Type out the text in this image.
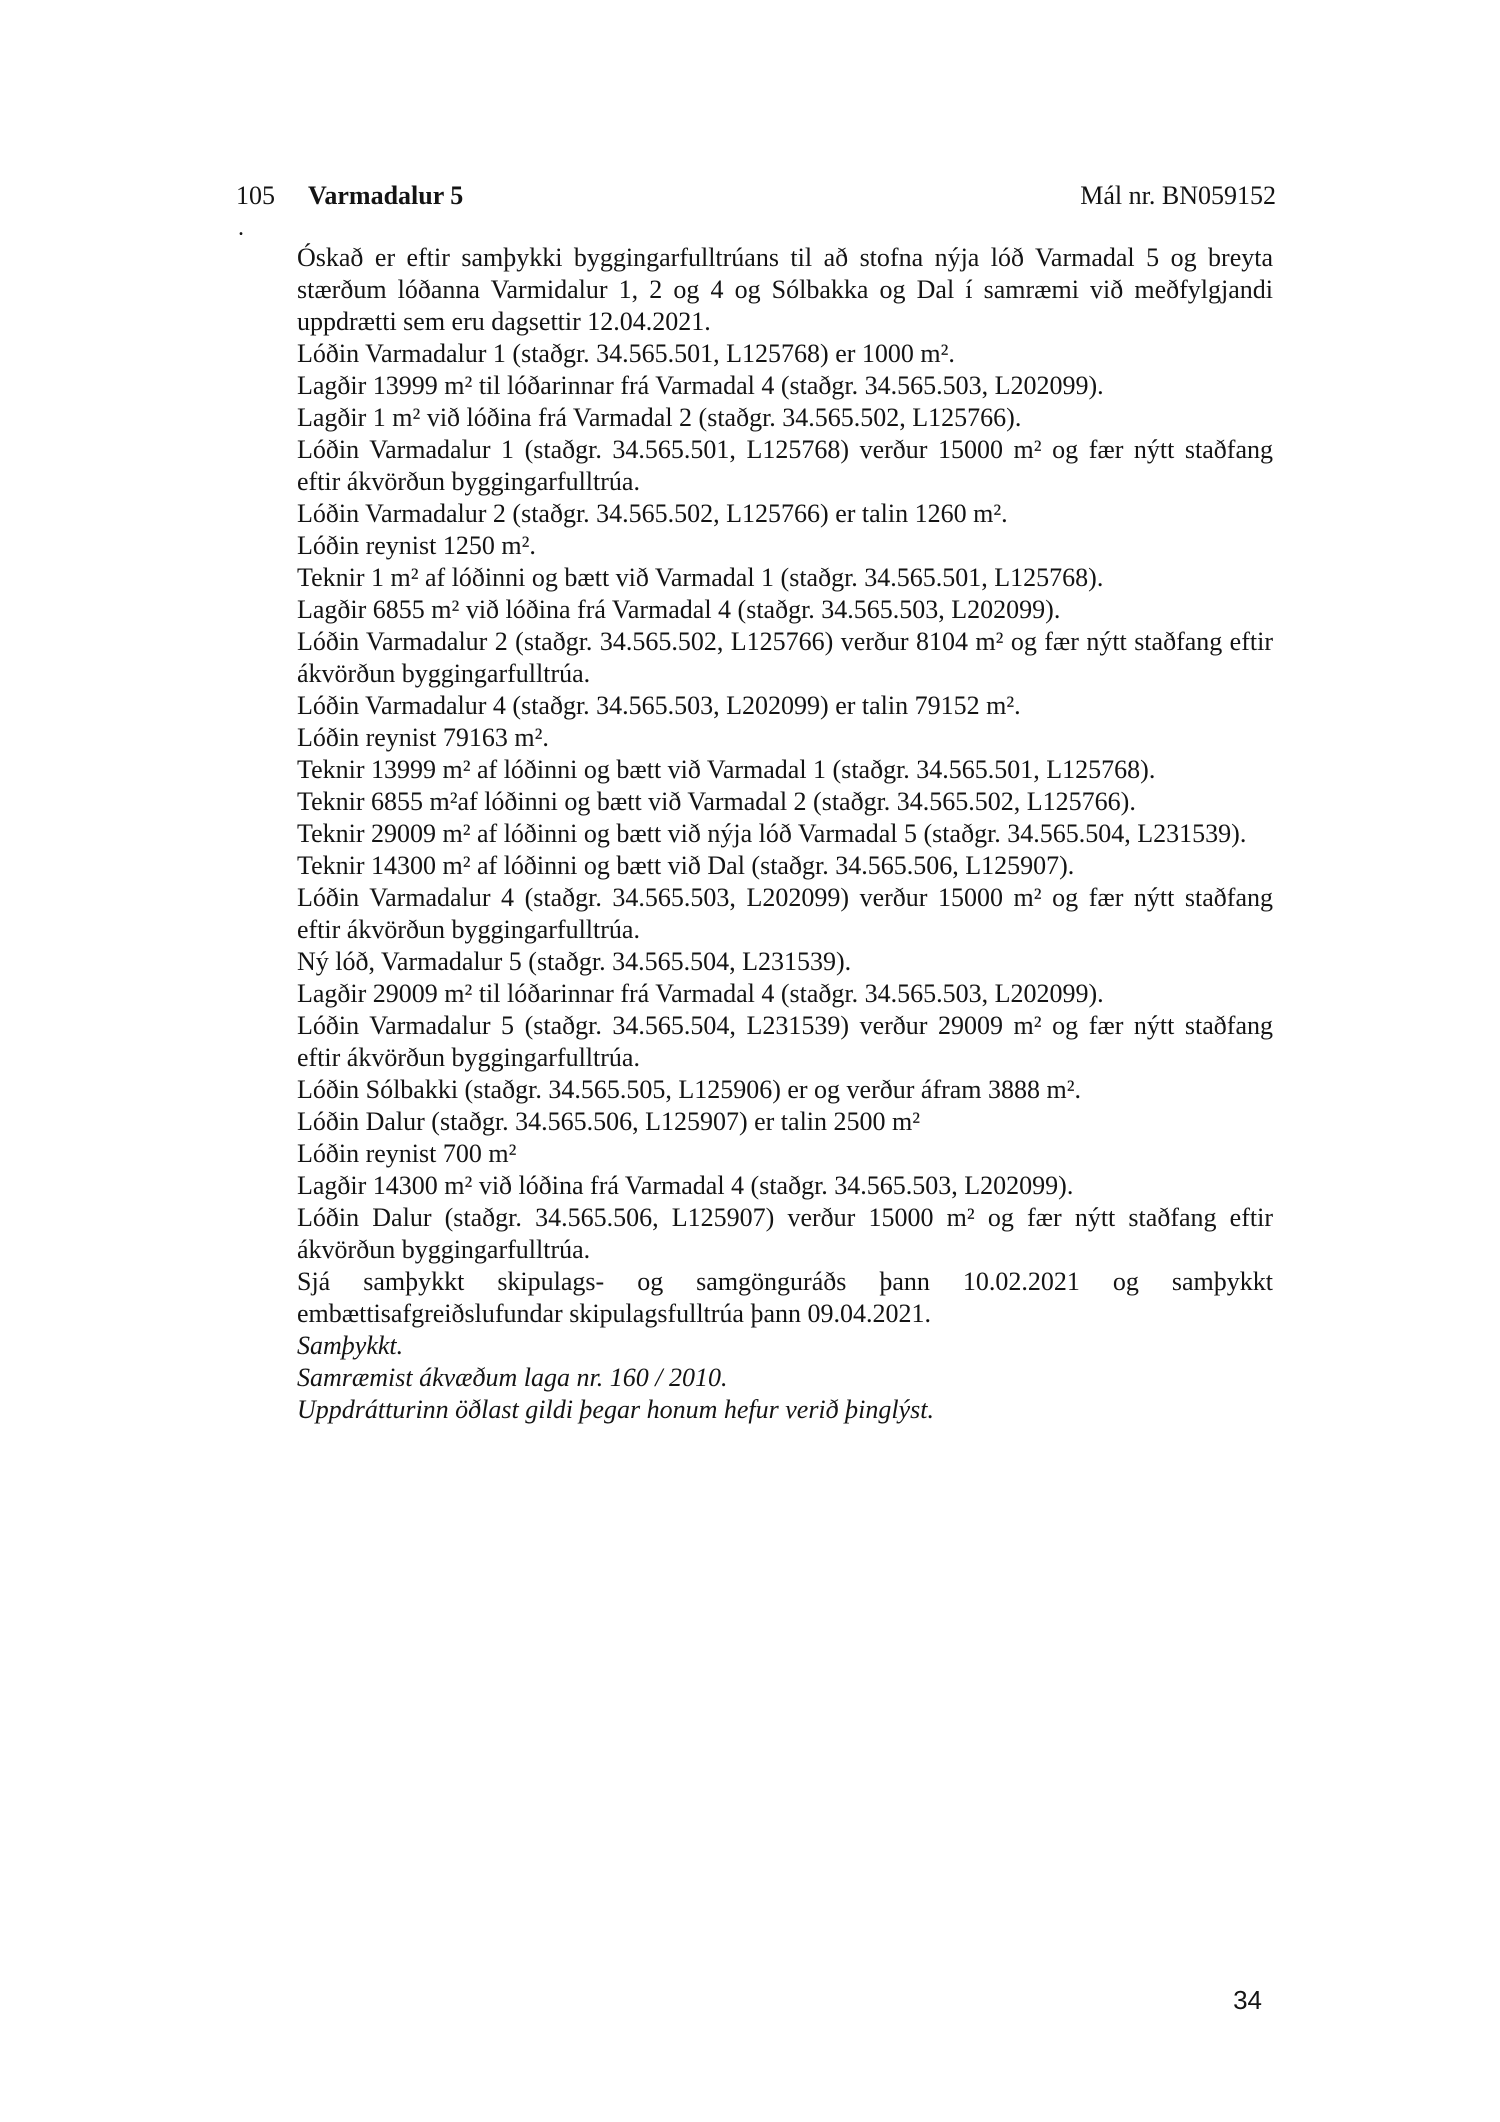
105 Varmadalur 5	Mál nr. BN059152
.

Óskað er eftir samþykki byggingarfulltrúans til að stofna nýja lóð Varmadal 5 og breyta stærðum lóðanna Varmidalur 1, 2 og 4 og Sólbakka og Dal í samræmi við meðfylgjandi uppdrætti sem eru dagsettir 12.04.2021.

Lóðin Varmadalur 1 (staðgr. 34.565.501, L125768) er 1000 m².

Lagðir 13999 m² til lóðarinnar frá Varmadal 4 (staðgr. 34.565.503, L202099).

Lagðir 1 m² við lóðina frá Varmadal 2 (staðgr. 34.565.502, L125766).

Lóðin Varmadalur 1 (staðgr. 34.565.501, L125768) verður 15000 m² og fær nýtt staðfang eftir ákvörðun byggingarfulltrúa.

Lóðin Varmadalur 2 (staðgr. 34.565.502, L125766) er talin 1260 m².

Lóðin reynist 1250 m².

Teknir 1 m² af lóðinni og bætt við Varmadal 1 (staðgr. 34.565.501, L125768).

Lagðir 6855 m² við lóðina frá Varmadal 4 (staðgr. 34.565.503, L202099).

Lóðin Varmadalur 2 (staðgr. 34.565.502, L125766) verður 8104 m² og fær nýtt staðfang eftir ákvörðun byggingarfulltrúa.

Lóðin Varmadalur 4 (staðgr. 34.565.503, L202099) er talin 79152 m².

Lóðin reynist 79163 m².

Teknir 13999 m² af lóðinni og bætt við Varmadal 1 (staðgr. 34.565.501, L125768).

Teknir 6855 m²af lóðinni og bætt við Varmadal 2 (staðgr. 34.565.502, L125766).

Teknir 29009 m² af lóðinni og bætt við nýja lóð Varmadal 5 (staðgr. 34.565.504, L231539).

Teknir 14300 m² af lóðinni og bætt við Dal (staðgr. 34.565.506, L125907).

Lóðin Varmadalur 4 (staðgr. 34.565.503, L202099) verður 15000 m² og fær nýtt staðfang eftir ákvörðun byggingarfulltrúa.

Ný lóð, Varmadalur 5 (staðgr. 34.565.504, L231539).

Lagðir 29009 m² til lóðarinnar frá Varmadal 4 (staðgr. 34.565.503, L202099).

Lóðin Varmadalur 5 (staðgr. 34.565.504, L231539) verður 29009 m² og fær nýtt staðfang eftir ákvörðun byggingarfulltrúa.

Lóðin Sólbakki (staðgr. 34.565.505, L125906) er og verður áfram 3888 m².

Lóðin Dalur (staðgr. 34.565.506, L125907) er talin 2500 m²

Lóðin reynist 700 m²

Lagðir 14300 m² við lóðina frá Varmadal 4 (staðgr. 34.565.503, L202099).

Lóðin Dalur (staðgr. 34.565.506, L125907) verður 15000 m² og fær nýtt staðfang eftir ákvörðun byggingarfulltrúa.

Sjá samþykkt skipulags- og samgönguráðs þann 10.02.2021 og samþykkt embættisafgreiðslufundar skipulagsfulltrúa þann 09.04.2021.

Samþykkt.

Samræmist ákvæðum laga nr. 160 / 2010.

Uppdrátturinn öðlast gildi þegar honum hefur verið þinglýst.

34
